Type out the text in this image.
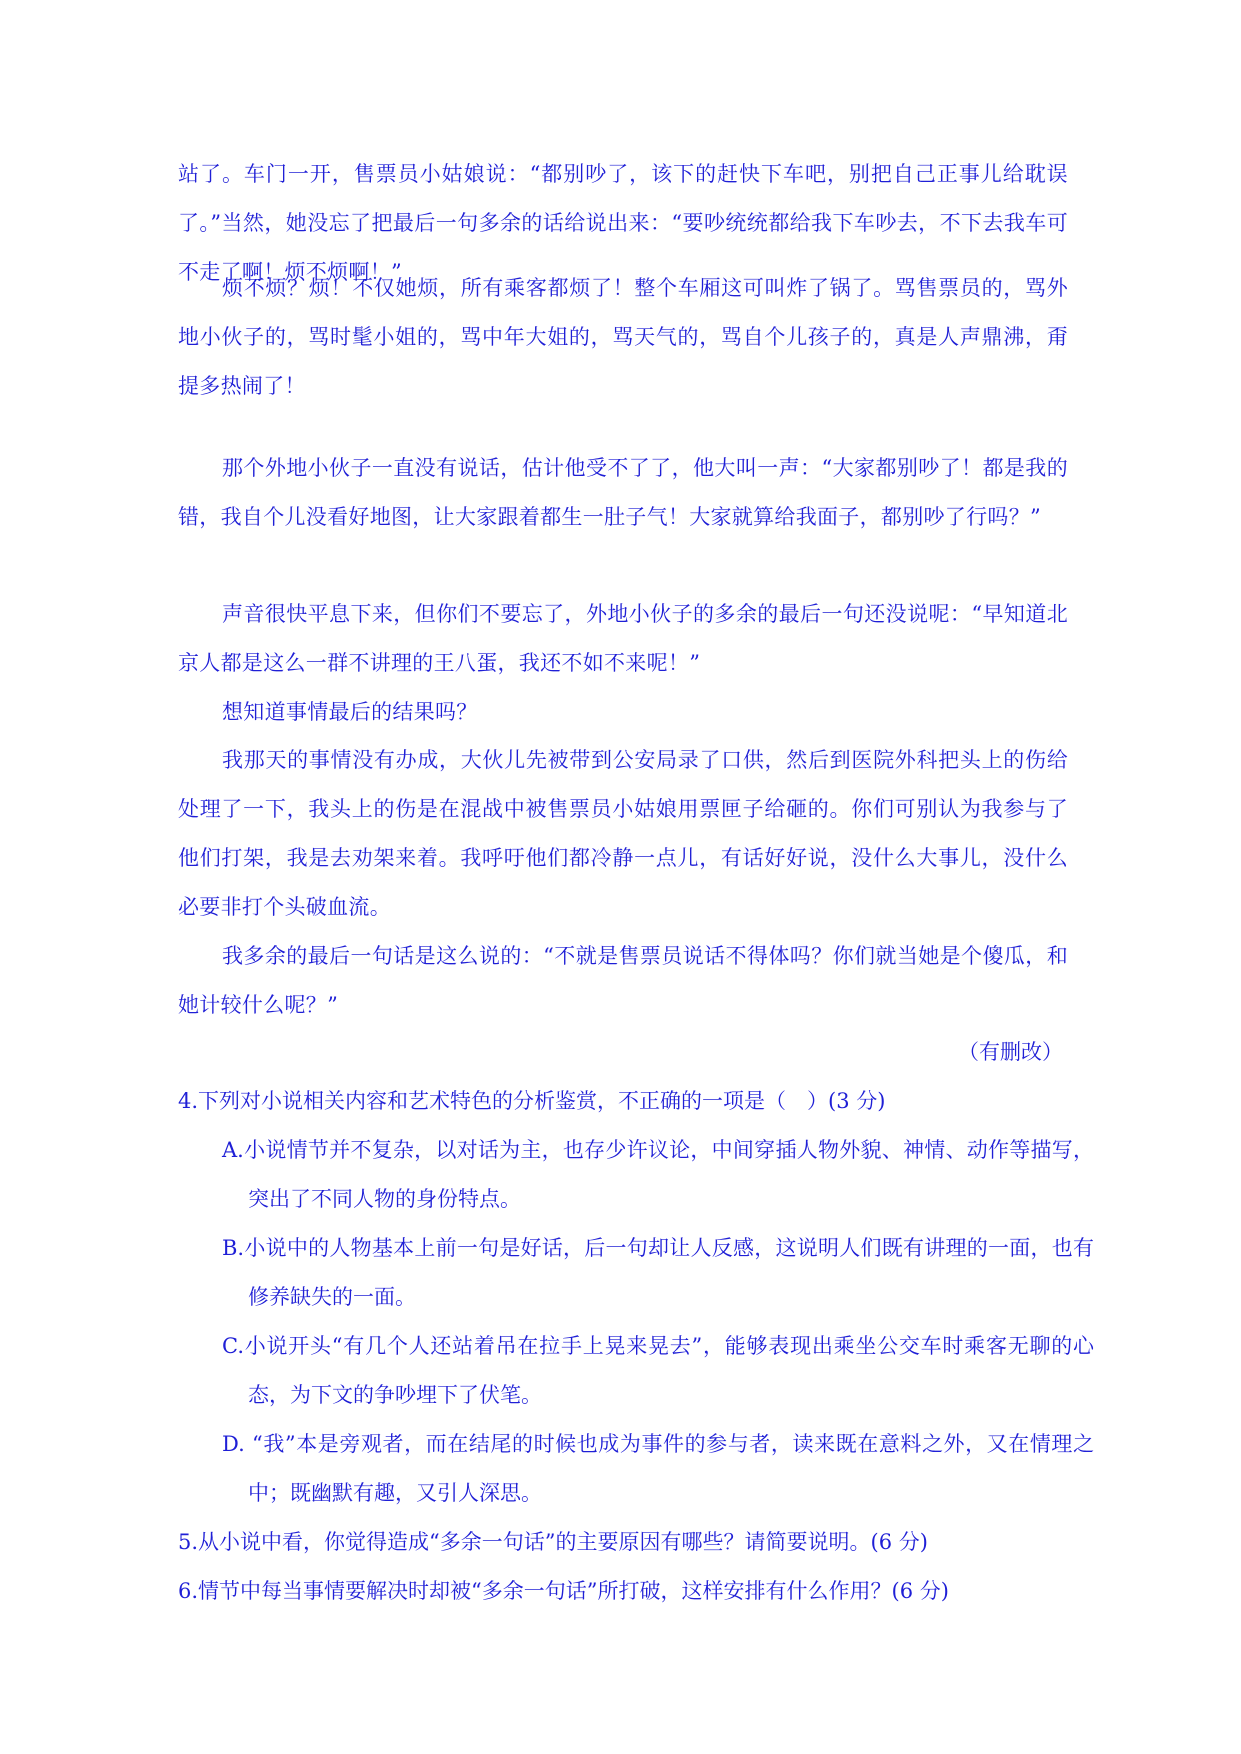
站了。车门一开，售票员小姑娘说：“都别吵了，该下的赶快下车吧，别把自己正事儿给耽误了。”当然，她没忘了把最后一句多余的话给说出来：“要吵统统都给我下车吵去，不下去我车可不走了啊！烦不烦啊！”

烦不烦？烦！不仅她烦，所有乘客都烦了！整个车厢这可叫炸了锅了。骂售票员的，骂外地小伙子的，骂时髦小姐的，骂中年大姐的，骂天气的，骂自个儿孩子的，真是人声鼎沸，甭提多热闹了！

那个外地小伙子一直没有说话，估计他受不了了，他大叫一声：“大家都别吵了！都是我的错，我自个儿没看好地图，让大家跟着都生一肚子气！大家就算给我面子，都别吵了行吗？”

声音很快平息下来，但你们不要忘了，外地小伙子的多余的最后一句还没说呢：“早知道北京人都是这么一群不讲理的王八蛋，我还不如不来呢！”

想知道事情最后的结果吗？

我那天的事情没有办成，大伙儿先被带到公安局录了口供，然后到医院外科把头上的伤给处理了一下，我头上的伤是在混战中被售票员小姑娘用票匣子给砸的。你们可别认为我参与了他们打架，我是去劝架来着。我呼吁他们都冷静一点儿，有话好好说，没什么大事儿，没什么必要非打个头破血流。

我多余的最后一句话是这么说的：“不就是售票员说话不得体吗？你们就当她是个傻瓜，和她计较什么呢？”

（有删改）

4.下列对小说相关内容和艺术特色的分析鉴赏，不正确的一项是（　）(3 分)

A.小说情节并不复杂，以对话为主，也存少许议论，中间穿插人物外貌、神情、动作等描写，突出了不同人物的身份特点。

B.小说中的人物基本上前一句是好话，后一句却让人反感，这说明人们既有讲理的一面，也有修养缺失的一面。

C.小说开头“有几个人还站着吊在拉手上晃来晃去”，能够表现出乘坐公交车时乘客无聊的心态，为下文的争吵埋下了伏笔。

D. “我”本是旁观者，而在结尾的时候也成为事件的参与者，读来既在意料之外，又在情理之中；既幽默有趣，又引人深思。

5.从小说中看，你觉得造成“多余一句话”的主要原因有哪些？请简要说明。(6 分)

6.情节中每当事情要解决时却被“多余一句话”所打破，这样安排有什么作用？(6 分)
